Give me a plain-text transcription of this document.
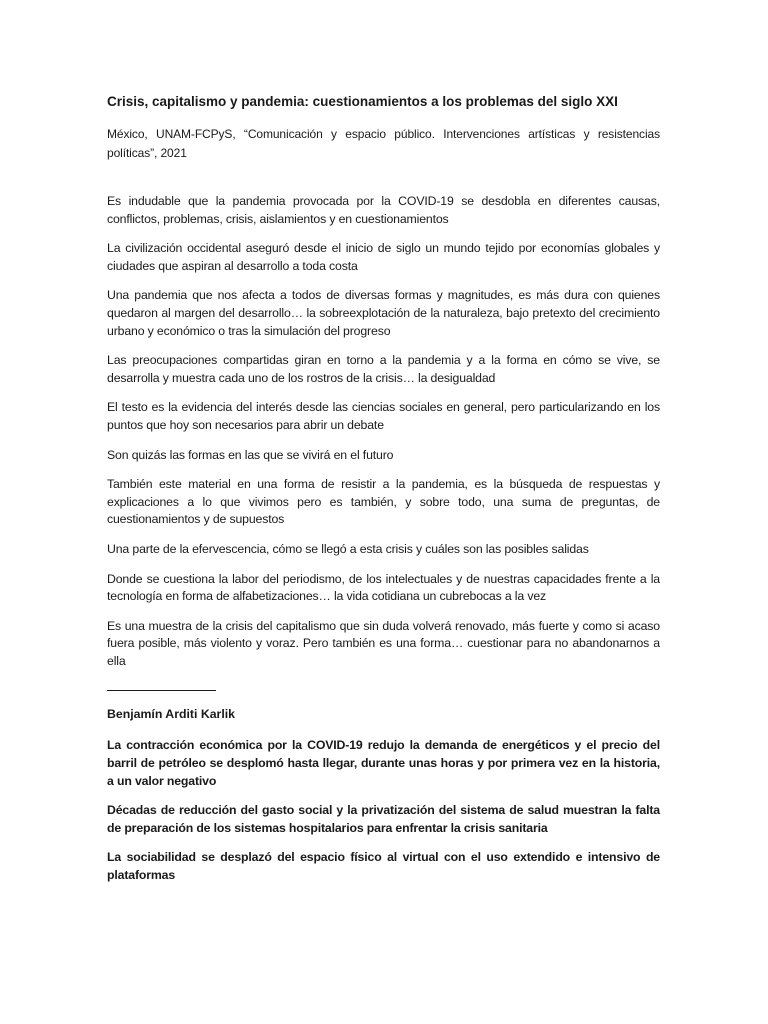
Crisis, capitalismo y pandemia: cuestionamientos a los problemas del siglo XXI
México, UNAM-FCPyS, “Comunicación y espacio público. Intervenciones artísticas y resistencias políticas”, 2021

Es indudable que la pandemia provocada por la COVID-19 se desdobla en diferentes causas, conflictos, problemas, crisis, aislamientos y en cuestionamientos

La civilización occidental aseguró desde el inicio de siglo un mundo tejido por economías globales y ciudades que aspiran al desarrollo a toda costa

Una pandemia que nos afecta a todos de diversas formas y magnitudes, es más dura con quienes quedaron al margen del desarrollo… la sobreexplotación de la naturaleza, bajo pretexto del crecimiento urbano y económico o tras la simulación del progreso

Las preocupaciones compartidas giran en torno a la pandemia y a la forma en cómo se vive, se desarrolla y muestra cada uno de los rostros de la crisis… la desigualdad

El testo es la evidencia del interés desde las ciencias sociales en general, pero particularizando en los puntos que hoy son necesarios para abrir un debate

Son quizás las formas en las que se vivirá en el futuro

También este material en una forma de resistir a la pandemia, es la búsqueda de respuestas y explicaciones a lo que vivimos pero es también, y sobre todo, una suma de preguntas, de cuestionamientos y de supuestos

Una parte de la efervescencia, cómo se llegó a esta crisis y cuáles son las posibles salidas

Donde se cuestiona la labor del periodismo, de los intelectuales y de nuestras capacidades frente a la tecnología en forma de alfabetizaciones… la vida cotidiana un cubrebocas a la vez

Es una muestra de la crisis del capitalismo que sin duda volverá renovado, más fuerte y como si acaso fuera posible, más violento y voraz. Pero también es una forma… cuestionar para no abandonarnos a ella

Benjamín Arditi Karlik

La contracción económica por la COVID-19 redujo la demanda de energéticos y el precio del barril de petróleo se desplomó hasta llegar, durante unas horas y por primera vez en la historia, a un valor negativo

Décadas de reducción del gasto social y la privatización del sistema de salud muestran la falta de preparación de los sistemas hospitalarios para enfrentar la crisis sanitaria

La sociabilidad se desplazó del espacio físico al virtual con el uso extendido e intensivo de plataformas
